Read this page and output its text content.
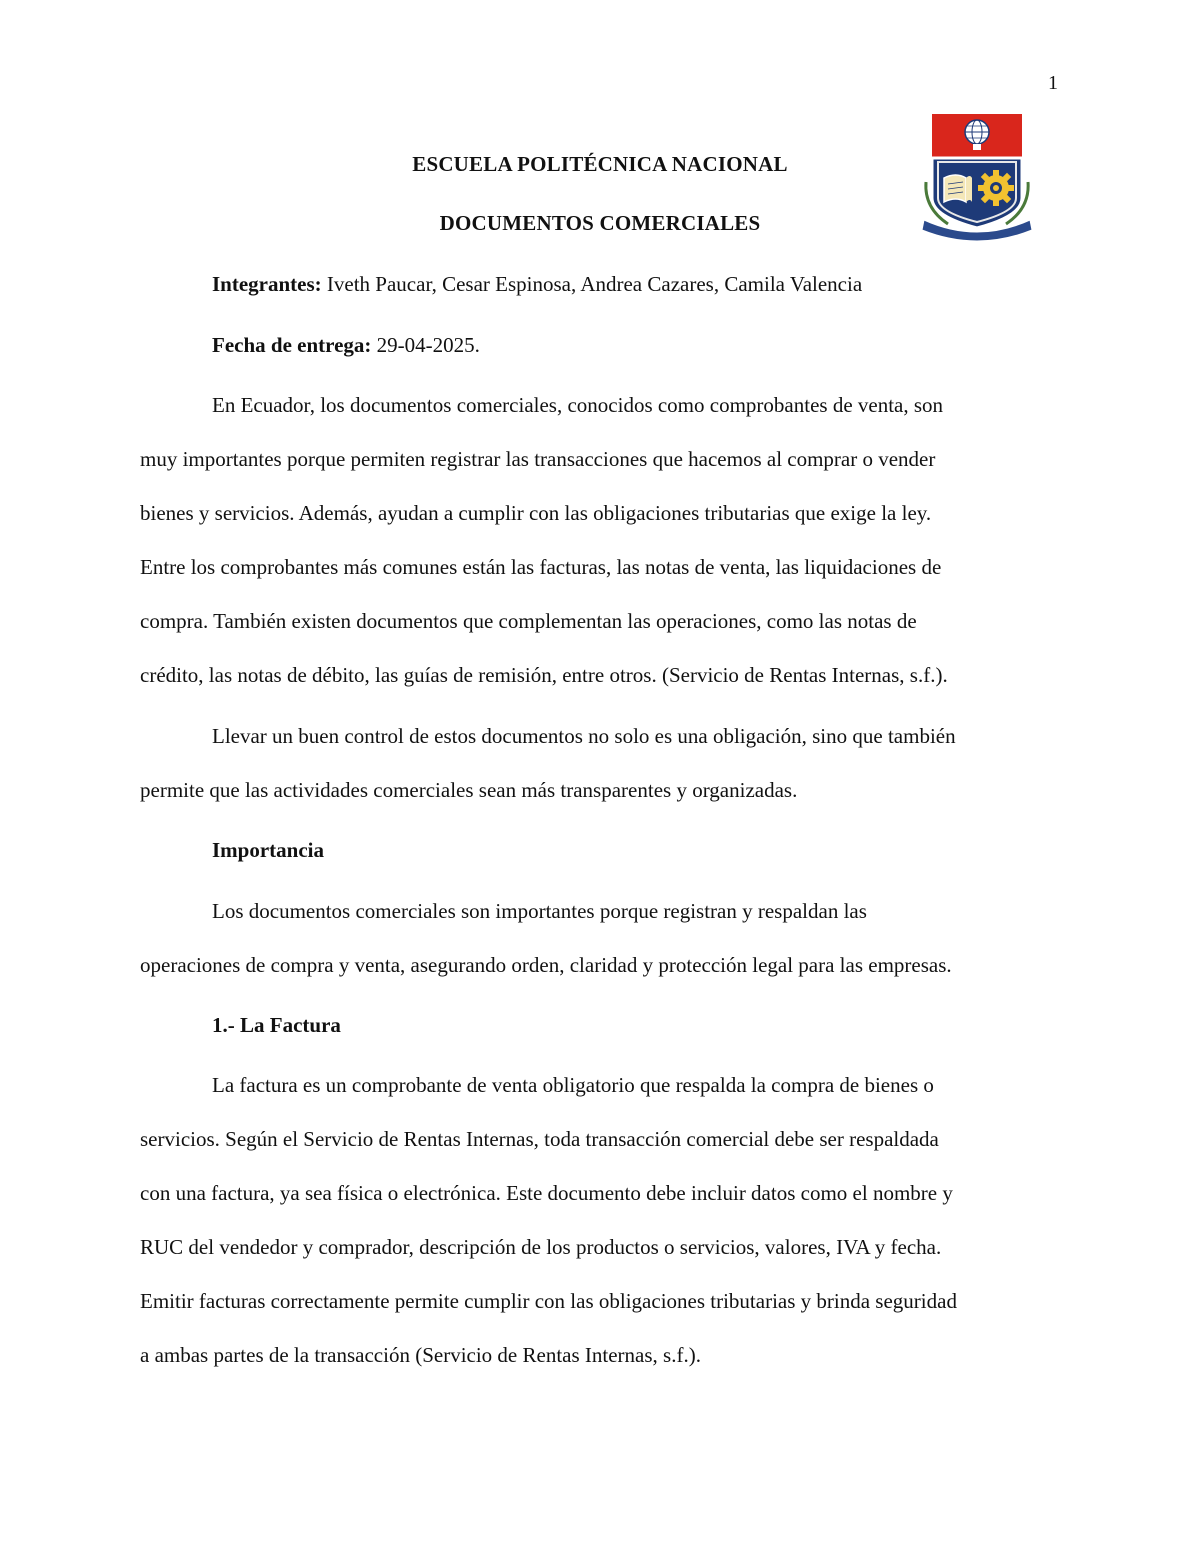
1
ESCUELA POLITÉCNICA NACIONAL
DOCUMENTOS COMERCIALES
Integrantes: Iveth Paucar, Cesar Espinosa, Andrea Cazares, Camila Valencia
Fecha de entrega: 29-04-2025.
En Ecuador, los documentos comerciales, conocidos como comprobantes de venta, son
muy importantes porque permiten registrar las transacciones que hacemos al comprar o vender
bienes y servicios. Además, ayudan a cumplir con las obligaciones tributarias que exige la ley.
Entre los comprobantes más comunes están las facturas, las notas de venta, las liquidaciones de
compra. También existen documentos que complementan las operaciones, como las notas de
crédito, las notas de débito, las guías de remisión, entre otros. (Servicio de Rentas Internas, s.f.).
Llevar un buen control de estos documentos no solo es una obligación, sino que también
permite que las actividades comerciales sean más transparentes y organizadas.
Importancia
Los documentos comerciales son importantes porque registran y respaldan las
operaciones de compra y venta, asegurando orden, claridad y protección legal para las empresas.
1.- La Factura
La factura es un comprobante de venta obligatorio que respalda la compra de bienes o
servicios. Según el Servicio de Rentas Internas, toda transacción comercial debe ser respaldada
con una factura, ya sea física o electrónica. Este documento debe incluir datos como el nombre y
RUC del vendedor y comprador, descripción de los productos o servicios, valores, IVA y fecha.
Emitir facturas correctamente permite cumplir con las obligaciones tributarias y brinda seguridad
a ambas partes de la transacción (Servicio de Rentas Internas, s.f.).
